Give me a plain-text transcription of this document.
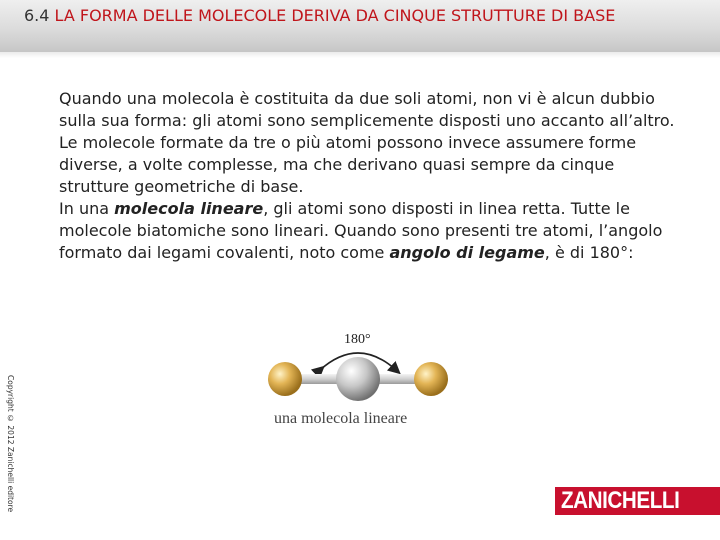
6.4 LA FORMA DELLE MOLECOLE DERIVA DA CINQUE STRUTTURE DI BASE

Quando una molecola è costituita da due soli atomi, non vi è alcun dubbio sulla sua forma: gli atomi sono semplicemente disposti uno accanto all’altro.

Le molecole formate da tre o più atomi possono invece assumere forme diverse, a volte complesse, ma che derivano quasi sempre da cinque strutture geometriche di base.

In una molecola lineare, gli atomi sono disposti in linea retta. Tutte le molecole biatomiche sono lineari. Quando sono presenti tre atomi, l’angolo formato dai legami covalenti, noto come angolo di legame, è di 180°:

180°
una molecola lineare
Copyright © 2012 Zanichelli editore	ZANICHELLI
